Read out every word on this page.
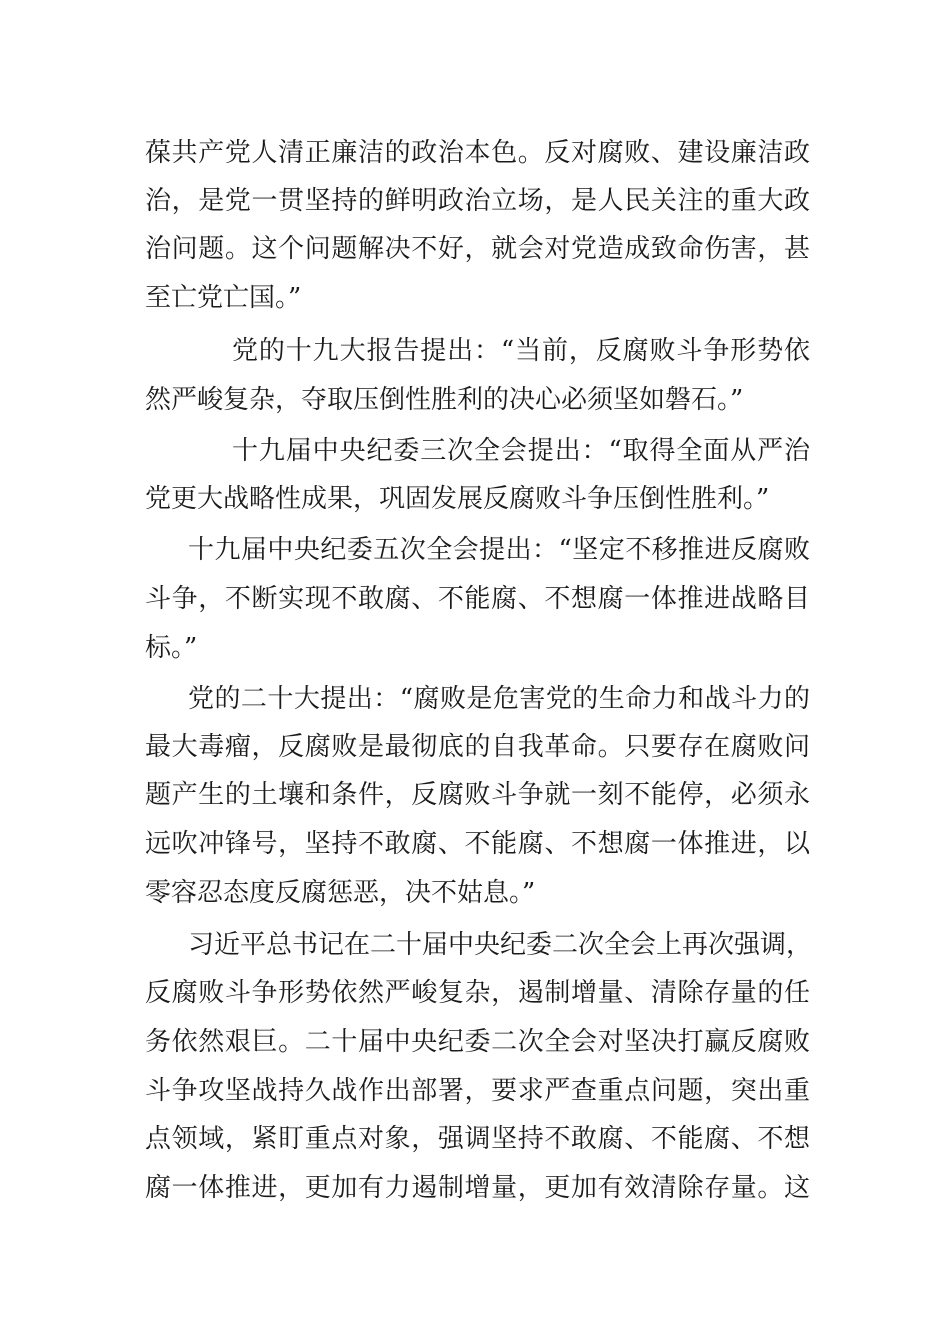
葆共产党人清正廉洁的政治本色。反对腐败、建设廉洁政
治，是党一贯坚持的鲜明政治立场，是人民关注的重大政
治问题。这个问题解决不好，就会对党造成致命伤害，甚
至亡党亡国。”
党的十九大报告提出：“当前，反腐败斗争形势依
然严峻复杂，夺取压倒性胜利的决心必须坚如磐石。”
十九届中央纪委三次全会提出：“取得全面从严治
党更大战略性成果，巩固发展反腐败斗争压倒性胜利。”
十九届中央纪委五次全会提出：“坚定不移推进反腐败
斗争，不断实现不敢腐、不能腐、不想腐一体推进战略目
标。”
党的二十大提出：“腐败是危害党的生命力和战斗力的
最大毒瘤，反腐败是最彻底的自我革命。只要存在腐败问
题产生的土壤和条件，反腐败斗争就一刻不能停，必须永
远吹冲锋号，坚持不敢腐、不能腐、不想腐一体推进，以
零容忍态度反腐惩恶，决不姑息。”
习近平总书记在二十届中央纪委二次全会上再次强调，
反腐败斗争形势依然严峻复杂，遏制增量、清除存量的任
务依然艰巨。二十届中央纪委二次全会对坚决打赢反腐败
斗争攻坚战持久战作出部署，要求严查重点问题，突出重
点领域，紧盯重点对象，强调坚持不敢腐、不能腐、不想
腐一体推进，更加有力遏制增量，更加有效清除存量。这
